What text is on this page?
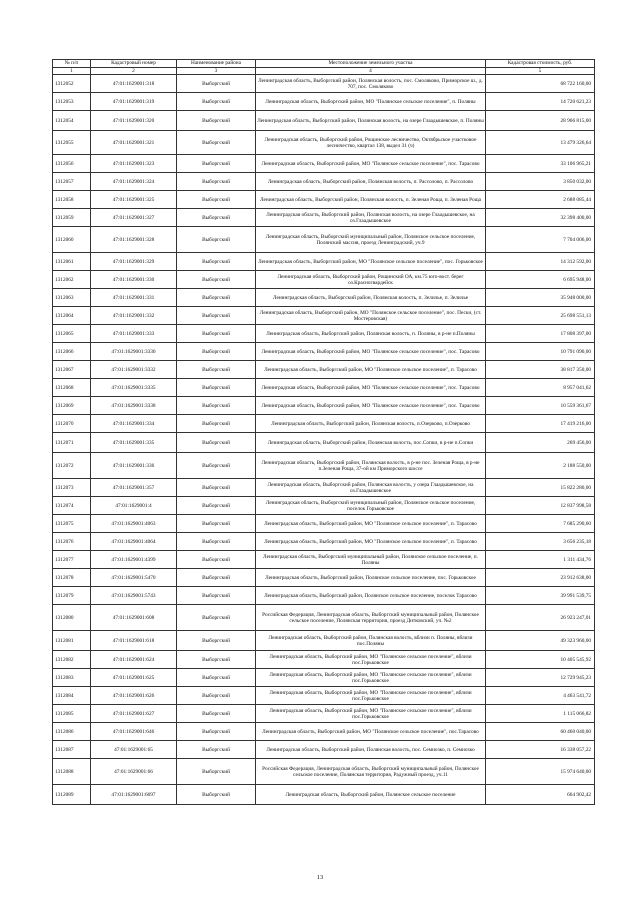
№ п/п	Кадастровый номер	Наименование района	Местоположение земельного участка	Кадастровая стоимость, руб.
1	2	3	4	5
1312052	47:01:1629001:318	Выборгский	Ленинградская область, Выборгский район, Полянская волость, пос. Смоляково, Приморское ш., д. 707, пос. Смоляково	68 722 160,00
1312053	47:01:1629001:319	Выборгский	Ленинградская область, Выборгский район, МО "Полянское сельское поселение", п. Поляны	14 720 621,23
1312054	47:01:1629001:320	Выборгский	Ленинградская область, Выборгский район, Полянская волость, на озере Глаадышевское, п. Поляны	28 966 815,00
1312055	47:01:1629001:321	Выборгский	Ленинградская область, Выборгский район, Рощинское лесничество, Октябрьское участковое лесничество, квартал 138, выдел 31 (ч)	13 479 326,64
1312056	47:01:1629001:323	Выборгский	Ленинградская область, Выборгский район, МО "Полянское сельское поселение", пос. Тарасово	33 106 965,21
1312057	47:01:1629001:324	Выборгский	Ленинградская область, Выборгский район, Полянская волость, п. Рассолово, п. Рассолово	3 850 032,00
1312058	47:01:1629001:325	Выборгский	Ленинградская область, Выборгский район, Полянская волость, п. Зеленая Роща, п. Зеленая Роща	2 688 085,44
1312059	47:01:1629001:327	Выборгский	Ленинградская область, Выборгский район, Полянская волость, на озере Глаадышевское, на оз.Глаадышевское	32 398 400,00
1312060	47:01:1629001:328	Выборгский	Ленинградская область, Выборгский муниципальный район, Полянское сельское поселение, Полянский массив, проезд Ленинградский, уч.9	7 704 006,00
1312061	47:01:1629001:329	Выборгский	Ленинградская область, Выборгский район, МО "Полянское сельское поселение", пос. Горьковское	14 312 592,00
1312062	47:01:1629001:330	Выборгский	Ленинградская область, Выборгский район, Рощинский ОА, км.75 юго-вост. берег оз.Красногвардейск	6 695 948,00
1312063	47:01:1629001:331	Выборгский	Ленинградская область, Выборгский район, Полянская волость, п. Зелилье, п. Зелилье	35 948 000,00
1312064	47:01:1629001:332	Выборгский	Ленинградская область, Выборгский район, МО "Полянское сельское поселение", пос. Пески, (ст. Мостеровская)	25 698 551,13
1312065	47:01:1629001:333	Выборгский	Ленинградская область, Выборгский район, Полянская волость, п. Поляны, в р-не п.Поляны	17 808 397,00
1312066	47:01:1629001:3330	Выборгский	Ленинградская область, Выборгский район, МО "Полянское сельское поселение", пос. Тарасово	10 791 090,00
1312067	47:01:1629001:3332	Выборгский	Ленинградская область, Выборгский район, МО "Полянское сельское поселение", п. Тарасово	38 817 350,00
1312068	47:01:1629001:3335	Выборгский	Ленинградская область, Выборгский район, МО "Полянское сельское поселение", пос. Тарасово	8 957 041,62
1312069	47:01:1629001:3338	Выборгский	Ленинградская область, Выборгский район, МО "Полянское сельское поселение", пос. Тарасово	10 559 361,67
1312070	47:01:1629001:334	Выборгский	Ленинградская область, Выборгский район, Полянская волость, п.Озерково, п.Озерково	17 419 216,00
1312071	47:01:1629001:335	Выборгский	Ленинградская область, Выборгский район, Полянская волость, пос.Сопки, в р-не п.Сопки	269 456,00
1312072	47:01:1629001:336	Выборгский	Ленинградская область, Выборгский район, Полянская волость, в р-не пос. Зеленая Роща, в р-не п.Зеленая Роща, 37-ой км Приморского шоссе	2 188 550,00
1312073	47:01:1629001:357	Выборгский	Ленинградская область, Выборгский район, Полянская волость, у озера Глаадышевское, на оз.Глаадышевское	15 822 280,00
1312074	47:01:1629001:4	Выборгский	Ленинградская область, Выборгский муниципальный район, Полянское сельское поселение, поселок Горьковское	12 837 998,58
1312075	47:01:1629001:4063	Выборгский	Ленинградская область, Выборгский район, МО "Полянское сельское поселение", п. Тарасово	7 685 290,60
1312076	47:01:1629001:4064	Выборгский	Ленинградская область, Выборгский район, МО "Полянское сельское поселение", п. Тарасово	3 656 235,18
1312077	47:01:1629001:4399	Выборгский	Ленинградская область, Выборгский муниципальный район, Полянское сельское поселение, п. Поляны	1 311 434,76
1312078	47:01:1629001:5470	Выборгский	Ленинградская область, Выборгский район, Полянское сельское поселение, пос. Горьковское	23 912 638,00
1312079	47:01:1629001:5743	Выборгский	Ленинградская область, Выборгский район, Полянское сельское поселение, поселок Тарасово	39 991 539,75
1312080	47:01:1629001:608	Выборгский	Российская Федерация, Ленинградская область, Выборгский муниципальный район, Полянское сельское поселение, Полянская территория, проезд Дитковский, уч. №2	26 923 247,01
1312081	47:01:1629001:618	Выборгский	Ленинградская область, Выборгский район, Полянская волость, вблизи п. Поляны, вблизи пос.Поляны	49 323 960,00
1312082	47:01:1629001:624	Выборгский	Ленинградская область, Выборгский район, МО "Полянское сельское поселение", вблизи пос.Горьковское	10 405 545,92
1312083	47:01:1629001:625	Выборгский	Ленинградская область, Выборгский район, МО "Полянское сельское поселение", вблизи пос.Горьковское	12 729 945,23
1312084	47:01:1629001:626	Выборгский	Ленинградская область, Выборгский район, МО "Полянское сельское поселение", вблизи пос.Горьковское	4 463 541,72
1312085	47:01:1629001:627	Выборгский	Ленинградская область, Выборгский район, МО "Полянское сельское поселение", вблизи пос.Горьковское	1 115 066,82
1312086	47:01:1629001:646	Выборгский	Ленинградская область, Выборгский район, МО "Полянское сельское поселение", пос.Тарасово	60 460 040,00
1312087	47:01:1629001:65	Выборгский	Ленинградская область, Выборгский район, Полянская волость, пос. Семиозко, п. Семиозко	16 338 057,22
1312088	47:01:1629001:66	Выборгский	Российская Федерация, Ленинградская область, Выборгский муниципальный район, Полянское сельское поселение, Полянская территория, Радужный проезд, уч.11	15 974 640,00
1312089	47:01:1629001:6697	Выборгский	Ленинградская область, Выборгский район, Полянское сельское поселение	664 902,42
13
